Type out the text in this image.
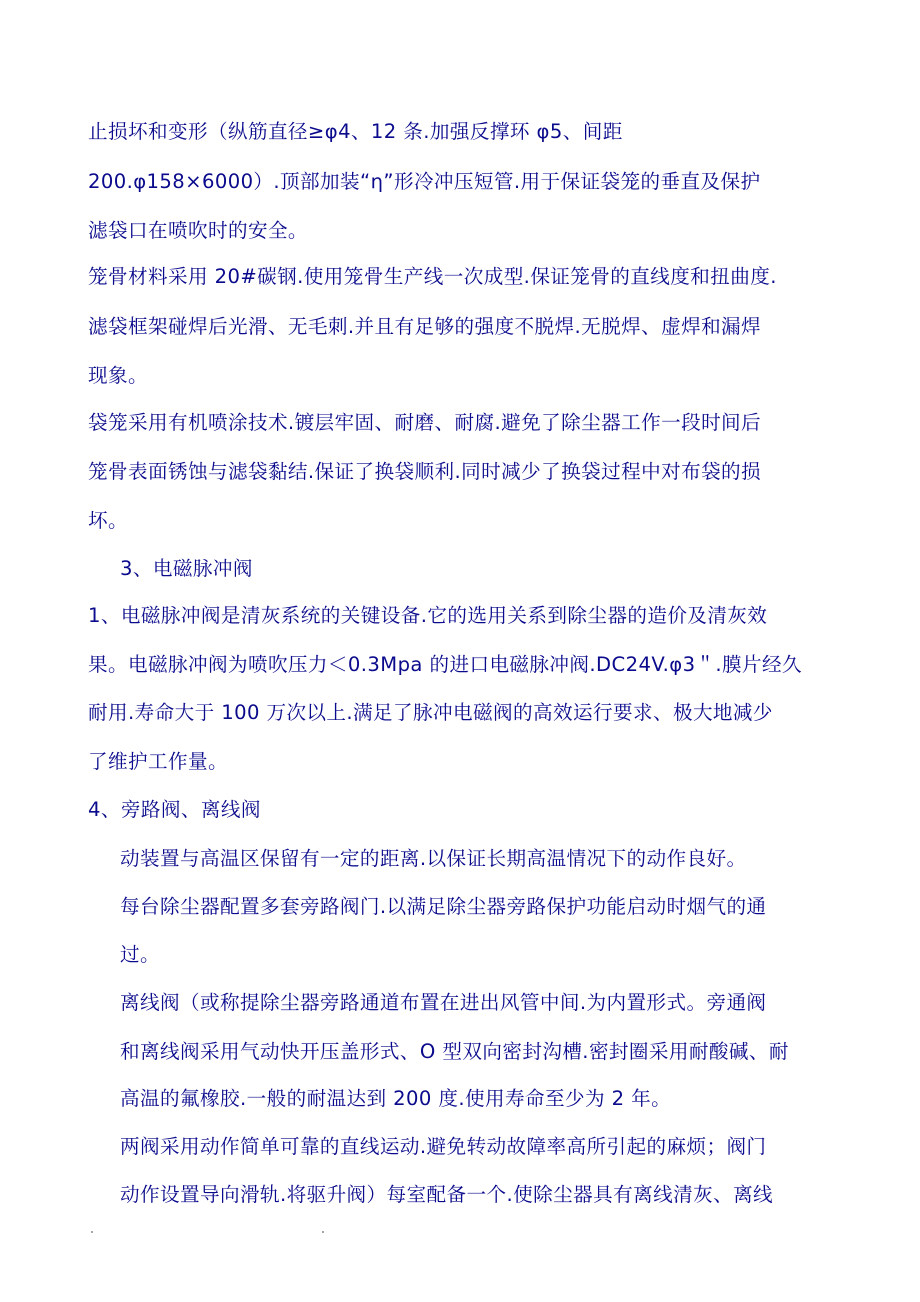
止损坏和变形（纵筋直径≥φ4、12 条.加强反撑环 φ5、间距

200.φ158×6000）.顶部加装“η”形冷冲压短管.用于保证袋笼的垂直及保护

滤袋口在喷吹时的安全。

笼骨材料采用 20#碳钢.使用笼骨生产线一次成型.保证笼骨的直线度和扭曲度.

滤袋框架碰焊后光滑、无毛刺.并且有足够的强度不脱焊.无脱焊、虚焊和漏焊

现象。

袋笼采用有机喷涂技术.镀层牢固、耐磨、耐腐.避免了除尘器工作一段时间后

笼骨表面锈蚀与滤袋黏结.保证了换袋顺利.同时减少了换袋过程中对布袋的损

坏。

3、电磁脉冲阀

1、电磁脉冲阀是清灰系统的关键设备.它的选用关系到除尘器的造价及清灰效

果。电磁脉冲阀为喷吹压力＜0.3Mpa 的进口电磁脉冲阀.DC24V.φ3＂.膜片经久

耐用.寿命大于 100 万次以上.满足了脉冲电磁阀的高效运行要求、极大地减少

了维护工作量。

4、旁路阀、离线阀

动装置与高温区保留有一定的距离.以保证长期高温情况下的动作良好。

每台除尘器配置多套旁路阀门.以满足除尘器旁路保护功能启动时烟气的通

过。

离线阀（或称提除尘器旁路通道布置在进出风管中间.为内置形式。旁通阀

和离线阀采用气动快开压盖形式、O 型双向密封沟槽.密封圈采用耐酸碱、耐

高温的氟橡胶.一般的耐温达到 200 度.使用寿命至少为 2 年。

两阀采用动作简单可靠的直线运动.避免转动故障率高所引起的麻烦；阀门

动作设置导向滑轨.将驱升阀）每室配备一个.使除尘器具有离线清灰、离线
